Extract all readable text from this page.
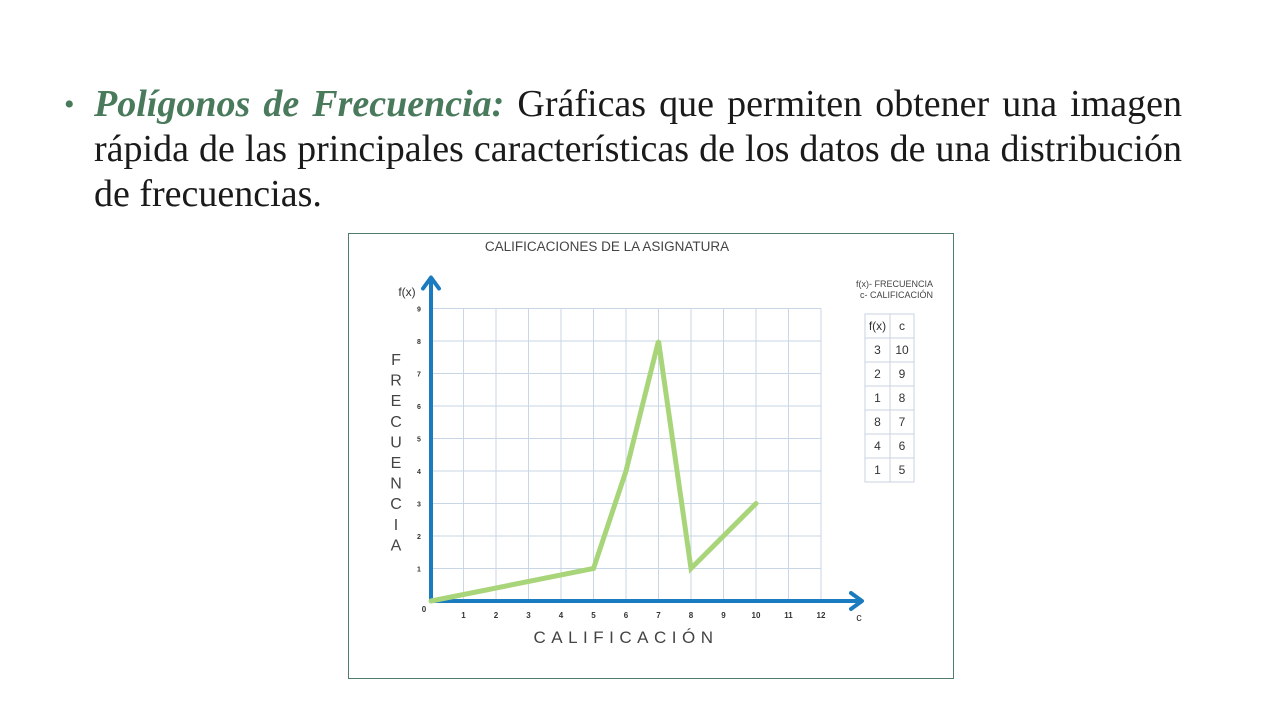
• Polígonos de Frecuencia: Gráficas que permiten obtener una imagen rápida de las principales características de los datos de una distribución de frecuencias.
1	2	3	4	5	6	7	8	9	10	11	12
1
2
3
4
5
6
7
8
9
0
CALIFICACIONES DE LA ASIGNATURA
f(x)
c
F
R
E
C
U
E
N
C
I
A
CALIFICACIÓN
f(x)- FRECUENCIA
c- CALIFICACIÓN
f(x) c
3 10
2 9
1 8
8 7
4 6
1 5
